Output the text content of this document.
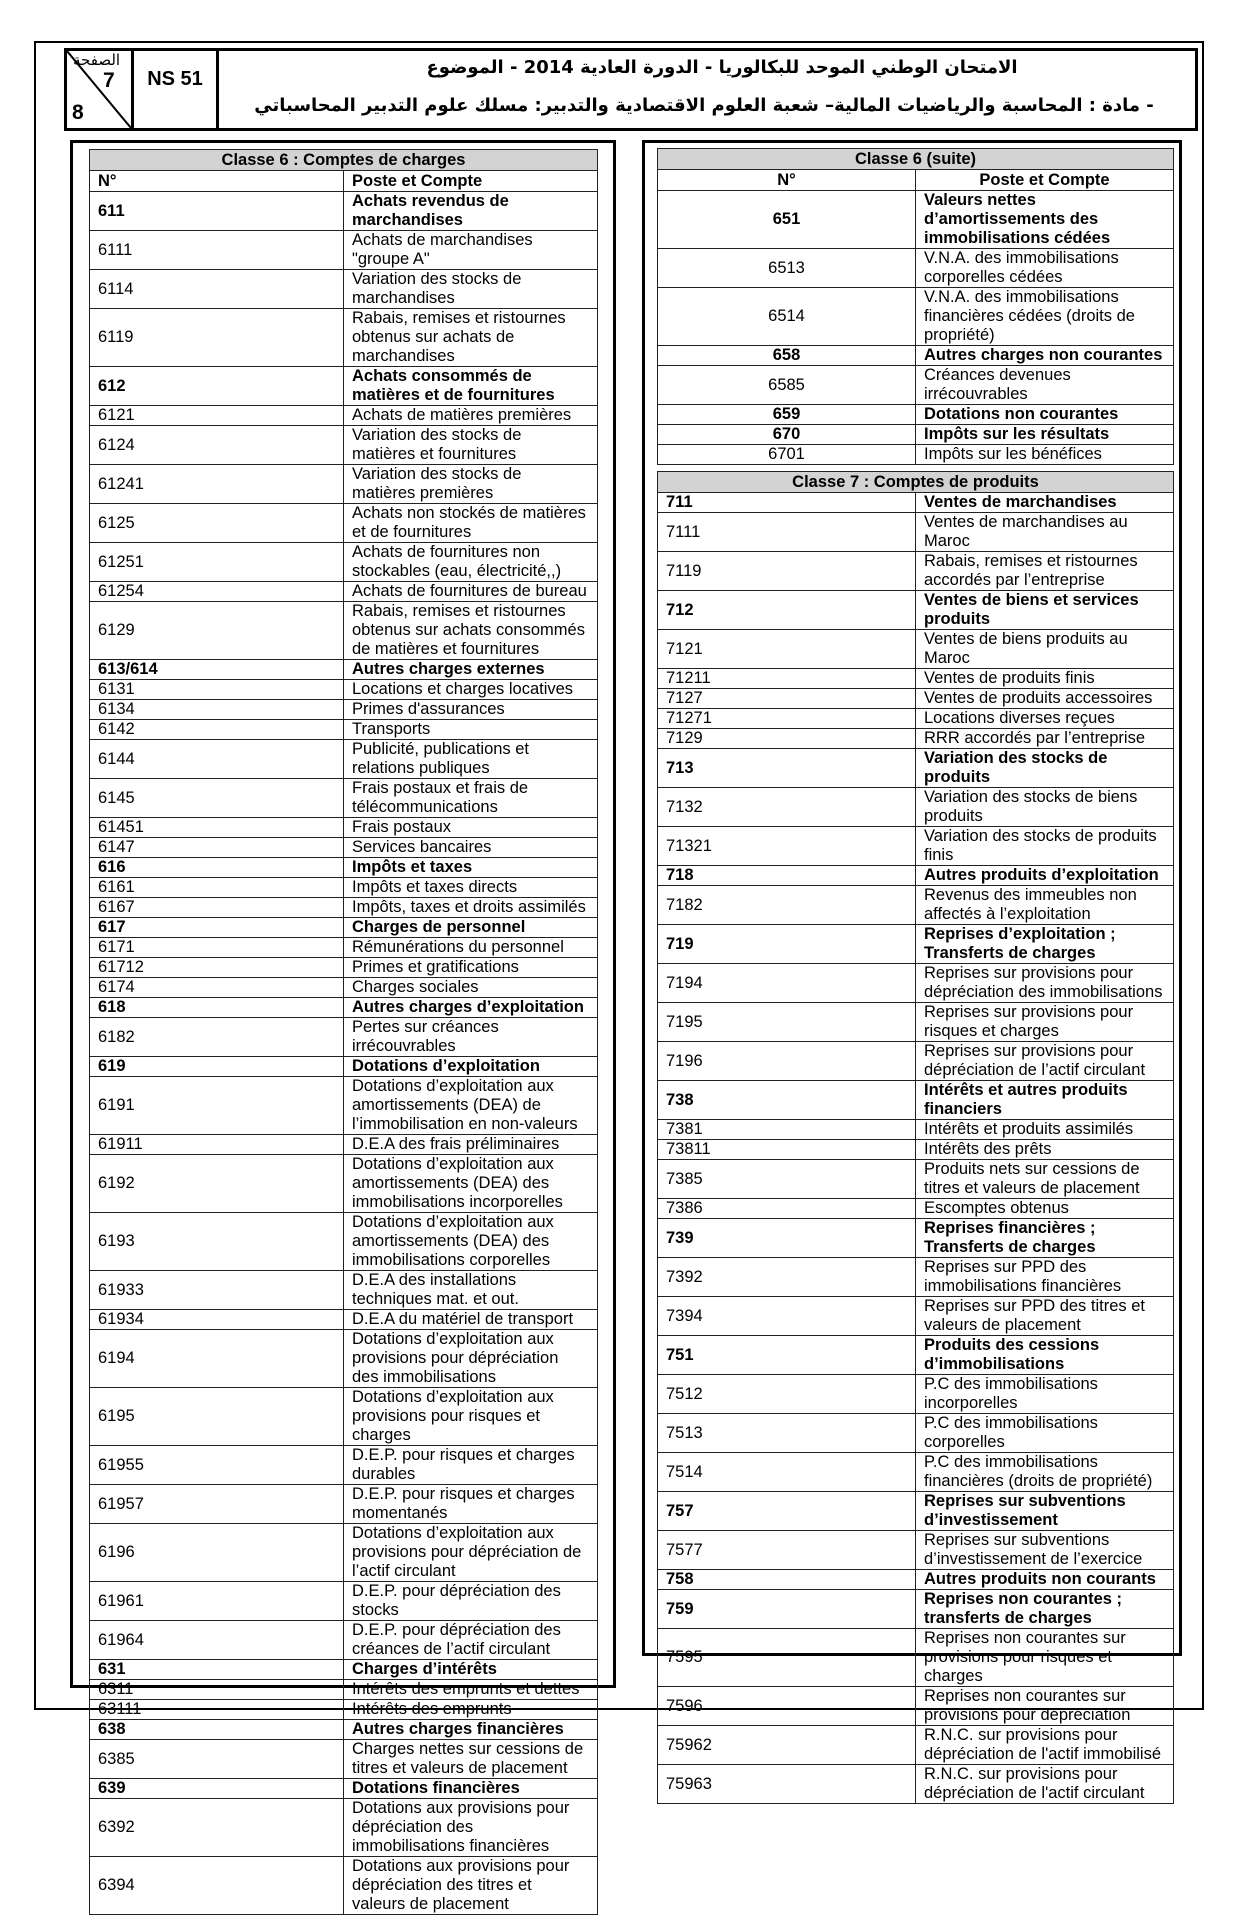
الصفحة
7
8
NS 51
الامتحان الوطني الموحد للبكالوريا - الدورة العادية 2014 - الموضوع
- مادة : المحاسبة والرياضيات المالية– شعبة العلوم الاقتصادية والتدبير: مسلك علوم التدبير المحاسباتي
Classe 6 : Comptes de charges	
N°	Poste et Compte
611	Achats revendus de marchandises
6111	Achats de marchandises "groupe A"
6114	Variation des stocks de marchandises
6119	Rabais, remises et ristournes obtenus sur achats de marchandises
612	Achats consommés de matières et de fournitures
6121	Achats de matières premières
6124	Variation des stocks de matières et fournitures
61241	Variation des stocks de matières premières
6125	Achats non stockés de matières et de fournitures
61251	Achats de fournitures non stockables (eau, électricité,,)
61254	Achats de fournitures de bureau
6129	Rabais, remises et ristournes obtenus sur achats consommés de matières et fournitures
613/614	Autres charges externes
6131	Locations et charges locatives
6134	Primes d'assurances
6142	Transports
6144	Publicité, publications et relations publiques
6145	Frais postaux et frais de télécommunications
61451	Frais postaux
6147	Services bancaires
616	Impôts et taxes
6161	Impôts et taxes directs
6167	Impôts, taxes et droits assimilés
617	Charges de personnel
6171	Rémunérations du personnel
61712	Primes et gratifications
6174	Charges sociales
618	Autres charges d’exploitation
6182	Pertes sur créances irrécouvrables
619	Dotations d’exploitation
6191	Dotations d’exploitation aux amortissements (DEA) de l’immobilisation en non-valeurs
61911	D.E.A des frais préliminaires
6192	Dotations d’exploitation aux amortissements (DEA) des immobilisations incorporelles
6193	Dotations d’exploitation aux amortissements (DEA) des immobilisations corporelles
61933	D.E.A des installations techniques mat. et out.
61934	D.E.A du matériel de transport
6194	Dotations d’exploitation aux provisions pour dépréciation des immobilisations
6195	Dotations d’exploitation aux provisions pour risques et charges
61955	D.E.P. pour risques et charges durables
61957	D.E.P. pour risques et charges momentanés
6196	Dotations d’exploitation aux provisions pour dépréciation de l’actif circulant
61961	D.E.P. pour dépréciation des stocks
61964	D.E.P. pour dépréciation des créances de l’actif circulant
631	Charges d’intérêts
6311	Intérêts des emprunts et dettes
63111	Intérêts des emprunts
638	Autres charges financières
6385	Charges nettes sur cessions de titres et valeurs de placement
639	Dotations financières
6392	Dotations aux provisions pour dépréciation des immobilisations financières
6394	Dotations aux provisions pour dépréciation des titres et valeurs de placement
Classe 6 (suite)	
N°	Poste et Compte
651	Valeurs nettes d’amortissements des immobilisations cédées
6513	V.N.A. des immobilisations corporelles cédées
6514	V.N.A. des immobilisations financières cédées (droits de propriété)
658	Autres charges non courantes
6585	Créances devenues irrécouvrables
659	Dotations non courantes
670	Impôts sur les résultats
6701	Impôts sur les bénéfices

Classe 7 : Comptes de produits	
711	Ventes de marchandises
7111	Ventes de marchandises au Maroc
7119	Rabais, remises et ristournes accordés par l’entreprise
712	Ventes de biens et services produits
7121	Ventes de biens produits au Maroc
71211	Ventes de produits finis
7127	Ventes de produits accessoires
71271	Locations diverses reçues
7129	RRR accordés par l’entreprise
713	Variation des stocks de produits
7132	Variation des stocks de biens produits
71321	Variation des stocks de produits finis
718	Autres produits d’exploitation
7182	Revenus des immeubles non affectés à l’exploitation
719	Reprises d’exploitation ; Transferts de charges
7194	Reprises sur provisions pour dépréciation des immobilisations
7195	Reprises sur provisions pour risques et charges
7196	Reprises sur provisions pour dépréciation de l’actif circulant
738	Intérêts et autres produits financiers
7381	Intérêts et produits assimilés
73811	Intérêts des prêts
7385	Produits nets sur cessions de titres et valeurs de placement
7386	Escomptes obtenus
739	Reprises financières ; Transferts de charges
7392	Reprises sur PPD des immobilisations financières
7394	Reprises sur PPD des titres et valeurs de placement
751	Produits des cessions d’immobilisations
7512	P.C des immobilisations incorporelles
7513	P.C des immobilisations corporelles
7514	P.C des immobilisations financières (droits de propriété)
757	Reprises sur subventions d’investissement
7577	Reprises sur subventions d’investissement de l’exercice
758	Autres produits non courants
759	Reprises non courantes ; transferts de charges
7595	Reprises non courantes sur provisions pour risques et charges
7596	Reprises non courantes sur provisions pour dépréciation
75962	R.N.C. sur provisions pour dépréciation de l'actif immobilisé
75963	R.N.C. sur provisions pour dépréciation de l'actif circulant
